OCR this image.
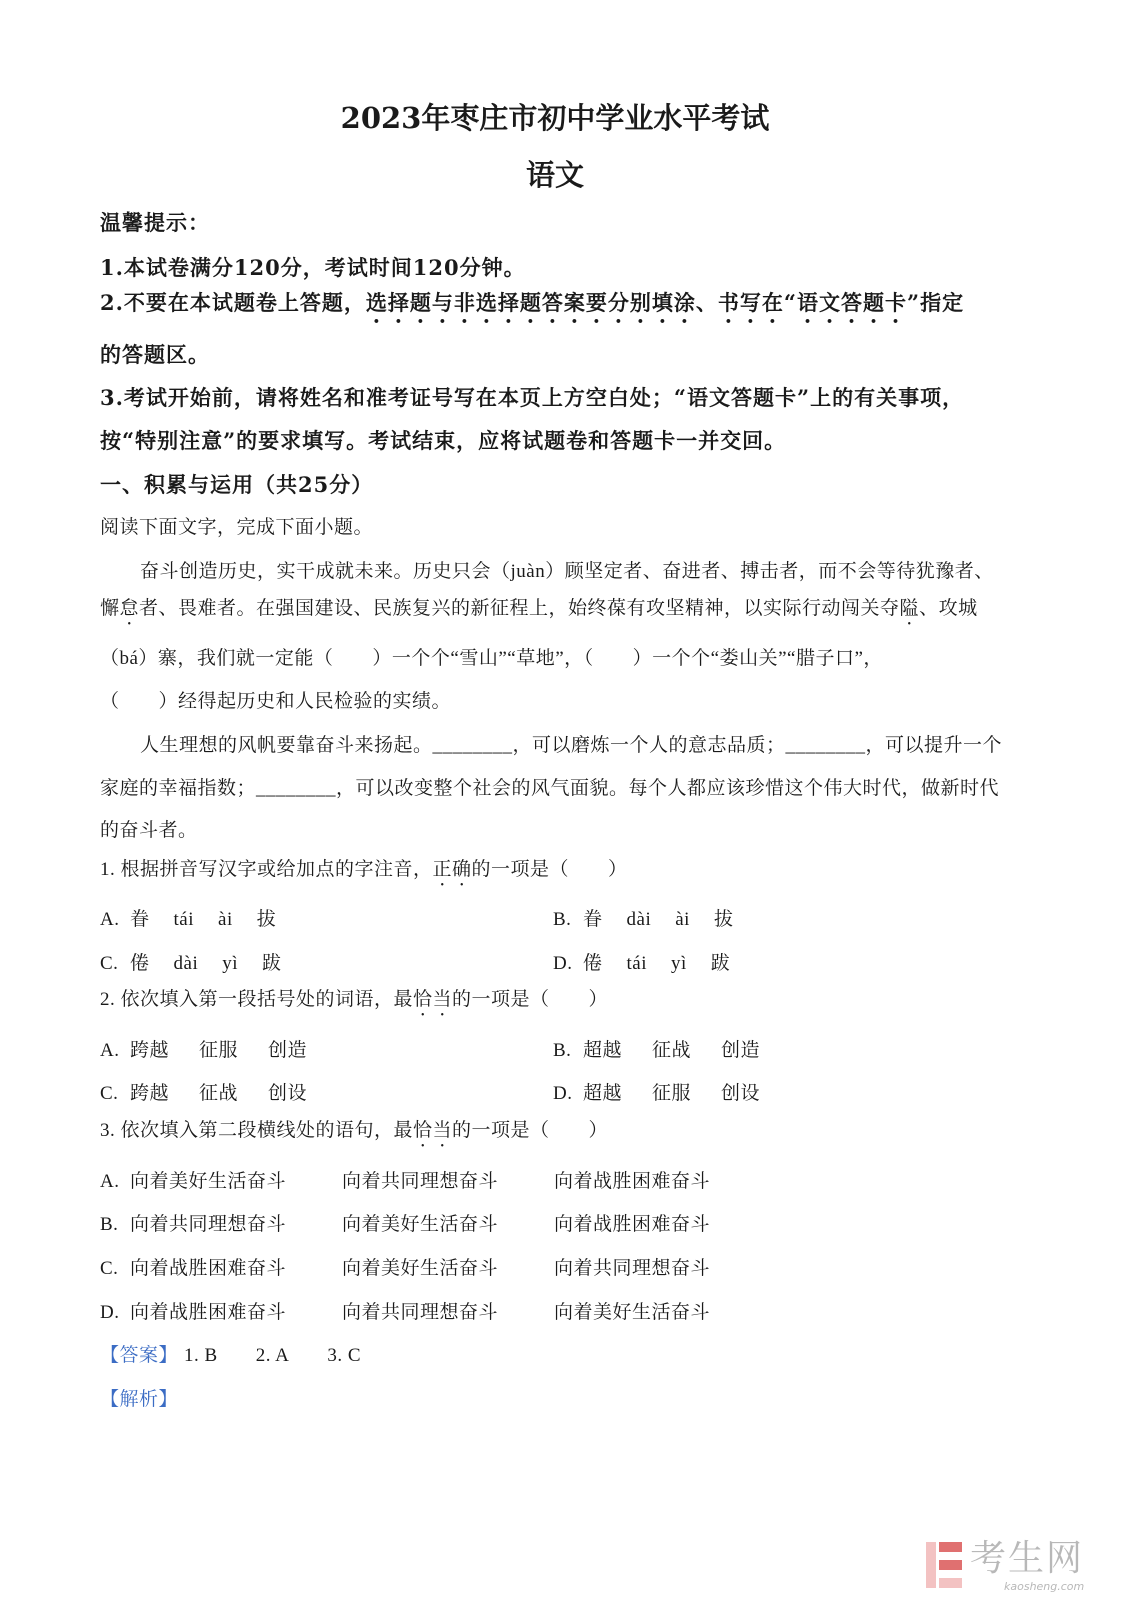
2023年枣庄市初中学业水平考试
语文
温馨提示：
1.本试卷满分120分，考试时间120分钟。
2.不要在本试题卷上答题，选择题与非选择题答案要分别填涂、书写在“语文答题卡”指定
的答题区。
3.考试开始前，请将姓名和准考证号写在本页上方空白处；“语文答题卡”上的有关事项，
按“特别注意”的要求填写。考试结束，应将试题卷和答题卡一并交回。
一、积累与运用（共25分）
阅读下面文字，完成下面小题。
奋斗创造历史，实干成就未来。历史只会（juàn）顾坚定者、奋进者、搏击者，而不会等待犹豫者、
懈怠者、畏难者。在强国建设、民族复兴的新征程上，始终葆有攻坚精神，以实际行动闯关夺隘、攻城
（bá）寨，我们就一定能（　　）一个个“雪山”“草地”，（　　）一个个“娄山关”“腊子口”，
（　　）经得起历史和人民检验的实绩。
人生理想的风帆要靠奋斗来扬起。________，可以磨炼一个人的意志品质；________，可以提升一个
家庭的幸福指数；________，可以改变整个社会的风气面貌。每个人都应该珍惜这个伟大时代，做新时代
的奋斗者。
1. 根据拼音写汉字或给加点的字注音，正确的一项是（　　）
A. 眷 tái ài 拔	B. 眷 dài ài 拔
C. 倦 dài yì 跋	D. 倦 tái yì 跋
2. 依次填入第一段括号处的词语，最恰当的一项是（　　）
A. 跨越 征服 创造	B. 超越 征战 创造
C. 跨越 征战 创设	D. 超越 征服 创设
3. 依次填入第二段横线处的语句，最恰当的一项是（　　）
A. 向着美好生活奋斗	向着共同理想奋斗	向着战胜困难奋斗
B. 向着共同理想奋斗	向着美好生活奋斗	向着战胜困难奋斗
C. 向着战胜困难奋斗	向着美好生活奋斗	向着共同理想奋斗
D. 向着战胜困难奋斗	向着共同理想奋斗	向着美好生活奋斗
【答案】 1. B 2. A 3. C
【解析】
考生网
kaosheng.com
